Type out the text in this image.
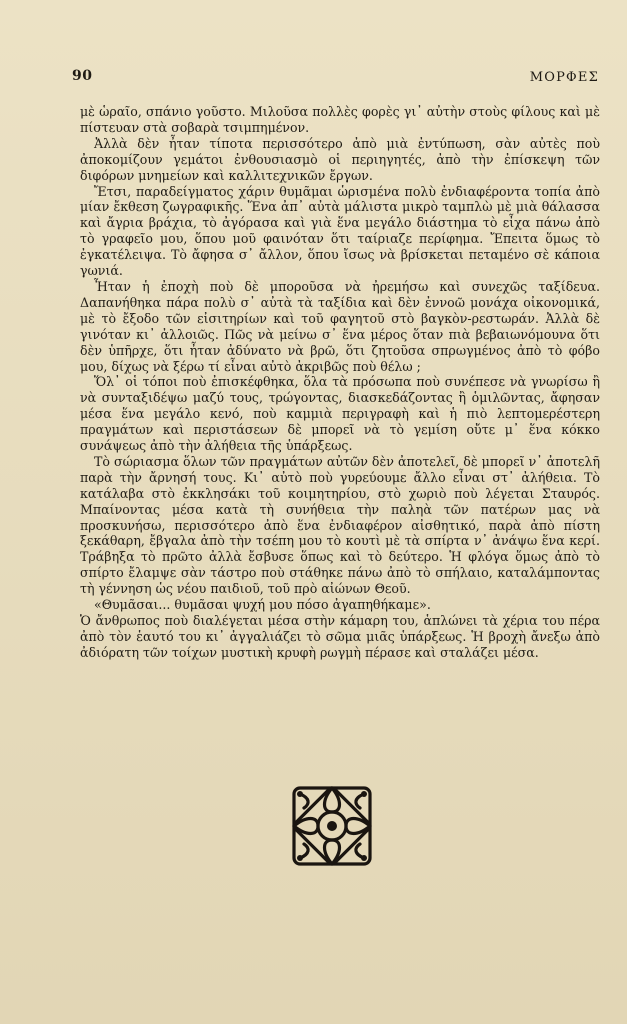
90	ΜΟΡΦΕΣ

μὲ ὡραῖο, σπάνιο γοῦστο. Μιλοῦσα πολλὲς φορὲς γι᾽ αὐτὴν στοὺς φίλους καὶ μὲ πίστευαν στὰ σοβαρὰ τσιμπημένον.

Ἀλλὰ δὲν ἦταν τίποτα περισσότερο ἀπὸ μιὰ ἐντύπωση, σὰν αὐτὲς ποὺ ἀποκομίζουν γεμάτοι ἐνθουσιασμὸ οἱ περιηγητές, ἀπὸ τὴν ἐπίσκεψη τῶν διφόρων μνημείων καὶ καλλιτεχνικῶν ἔργων.

Ἔτσι, παραδείγματος χάριν θυμᾶμαι ὡρισμένα πολὺ ἐνδιαφέροντα τοπία ἀπὸ μίαν ἔκθεση ζωγραφικῆς. Ἕνα ἀπ᾽ αὐτὰ μάλιστα μικρὸ ταμπλὼ μὲ μιὰ θάλασσα καὶ ἄγρια βράχια, τὸ ἀγόρασα καὶ γιὰ ἕνα μεγάλο διάστημα τὸ εἶχα πάνω ἀπὸ τὸ γραφεῖο μου, ὅπου μοῦ φαινόταν ὅτι ταίριαζε περίφημα. Ἔπειτα ὅμως τὸ ἐγκατέλειψα. Τὸ ἄφησα σ᾽ ἄλλον, ὅπου ἴσως νὰ βρίσκεται πεταμένο σὲ κάποια γωνιά.

Ἦταν ἡ ἐποχὴ ποὺ δὲ μποροῦσα νὰ ἠρεμήσω καὶ συνεχῶς ταξίδευα. Δαπανήθηκα πάρα πολὺ σ᾽ αὐτὰ τὰ ταξίδια καὶ δὲν ἐννοῶ μονάχα οἰκονομικά, μὲ τὸ ἔξοδο τῶν εἰσιτηρίων καὶ τοῦ φαγητοῦ στὸ βαγκὸν-ρεστωράν. Ἀλλὰ δὲ γινόταν κι᾽ ἀλλοιῶς. Πῶς νὰ μείνω σ᾽ ἕνα μέρος ὅταν πιὰ βεβαιωνόμουνα ὅτι δὲν ὑπῆρχε, ὅτι ἦταν ἀδύνατο νὰ βρῶ, ὅτι ζητοῦσα σπρωγμένος ἀπὸ τὸ φόβο μου, δίχως νὰ ξέρω τί εἶναι αὐτὸ ἀκριβῶς ποὺ θέλω ;

Ὅλ᾽ οἱ τόποι ποὺ ἐπισκέφθηκα, ὅλα τὰ πρόσωπα ποὺ συνέπεσε νὰ γνωρίσω ἢ νὰ συνταξιδέψω μαζύ τους, τρώγοντας, διασκεδάζοντας ἢ ὁμιλῶντας, ἄφησαν μέσα ἕνα μεγάλο κενό, ποὺ καμμιὰ περιγραφὴ καὶ ἡ πιὸ λεπτομερέστερη πραγμάτων καὶ περιστάσεων δὲ μπορεῖ νὰ τὸ γεμίση οὔτε μ᾽ ἕνα κόκκο συνάψεως ἀπὸ τὴν ἀλήθεια τῆς ὑπάρξεως.

Τὸ σώριασμα ὅλων τῶν πραγμάτων αὐτῶν δὲν ἀποτελεῖ, δὲ μπορεῖ ν᾽ ἀποτελῆ παρὰ τὴν ἄρνησή τους. Κι᾽ αὐτὸ ποὺ γυρεύουμε ἄλλο εἶναι στ᾽ ἀλήθεια. Τὸ κατάλαβα στὸ ἐκκλησάκι τοῦ κοιμητηρίου, στὸ χωριὸ ποὺ λέγεται Σταυρός. Μπαίνοντας μέσα κατὰ τὴ συνήθεια τὴν παληὰ τῶν πατέρων μας νὰ προσκυνήσω, περισσότερο ἀπὸ ἕνα ἐνδιαφέρον αἰσθητικό, παρὰ ἀπὸ πίστη ξεκάθαρη, ἔβγαλα ἀπὸ τὴν τσέπη μου τὸ κουτὶ μὲ τὰ σπίρτα ν᾽ ἀνάψω ἕνα κερί. Τράβηξα τὸ πρῶτο ἀλλὰ ἔσβυσε ὅπως καὶ τὸ δεύτερο. Ἡ φλόγα ὅμως ἀπὸ τὸ σπίρτο ἔλαμψε σὰν τάστρο ποὺ στάθηκε πάνω ἀπὸ τὸ σπήλαιο, καταλάμποντας τὴ γέννηση ὡς νέου παιδιοῦ, τοῦ πρὸ αἰώνων Θεοῦ.

«Θυμᾶσαι... θυμᾶσαι ψυχή μου πόσο ἀγαπηθήκαμε».

Ὁ ἄνθρωπος ποὺ διαλέγεται μέσα στὴν κάμαρη του, ἁπλώνει τὰ χέρια του πέρα ἀπὸ τὸν ἑαυτό του κι᾽ ἀγγαλιάζει τὸ σῶμα μιᾶς ὑπάρξεως. Ἡ βροχὴ ἄνεξω ἀπὸ ἀδιόρατη τῶν τοίχων μυστικὴ κρυφὴ ρωγμὴ πέρασε καὶ σταλάζει μέσα.
